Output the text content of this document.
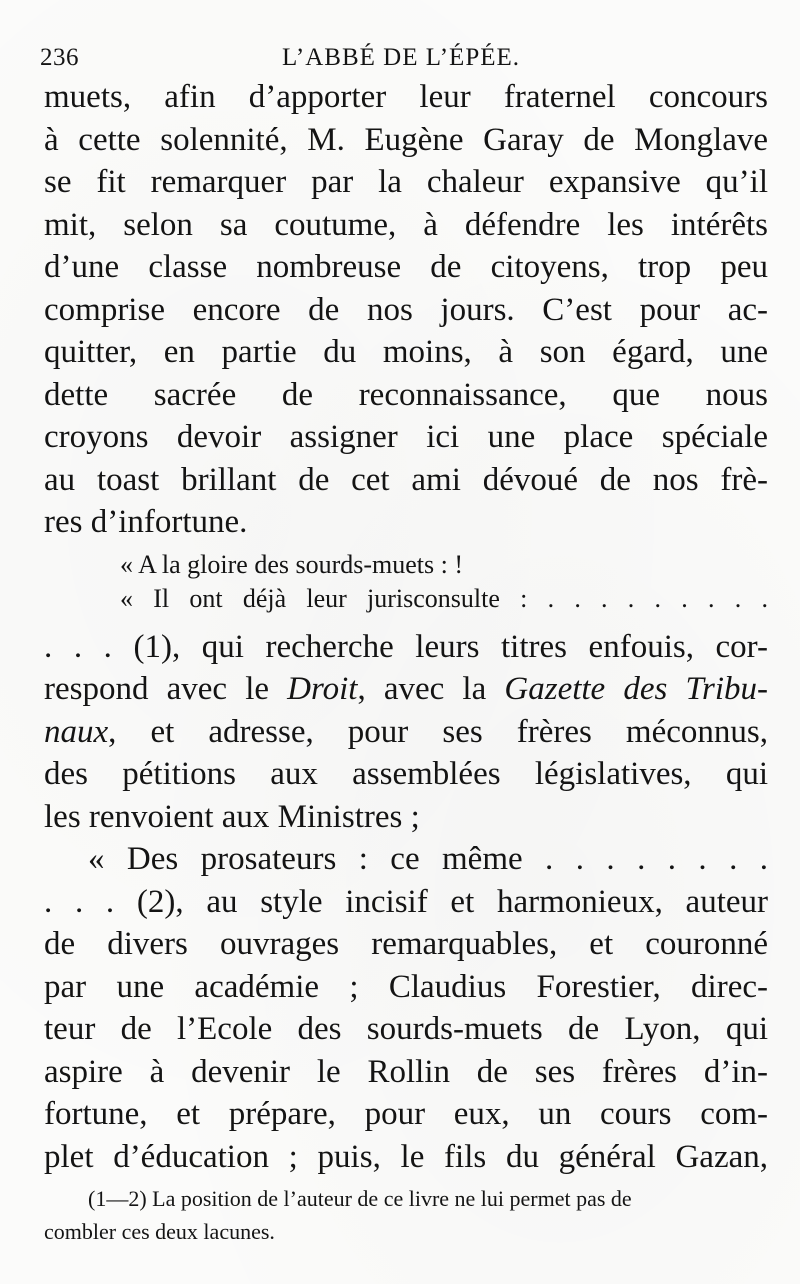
236	L’ABBÉ DE L’ÉPÉE.
muets, afin d’apporter leur fraternel concours
à cette solennité, M. Eugène Garay de Monglave
se fit remarquer par la chaleur expansive qu’il
mit, selon sa coutume, à défendre les intérêts
d’une classe nombreuse de citoyens, trop peu
comprise encore de nos jours. C’est pour ac-
quitter, en partie du moins, à son égard, une
dette sacrée de reconnaissance, que nous
croyons devoir assigner ici une place spéciale
au toast brillant de cet ami dévoué de nos frè-
res d’infortune.
« A la gloire des sourds-muets : !
« Il ont déjà leur jurisconsulte : . . . . . . . . .
. . . (1), qui recherche leurs titres enfouis, cor-
respond avec le Droit, avec la Gazette des Tribu-
naux, et adresse, pour ses frères méconnus,
des pétitions aux assemblées législatives, qui
les renvoient aux Ministres ;
« Des prosateurs : ce même . . . . . . . .
. . . (2), au style incisif et harmonieux, auteur
de divers ouvrages remarquables, et couronné
par une académie ; Claudius Forestier, direc-
teur de l’Ecole des sourds-muets de Lyon, qui
aspire à devenir le Rollin de ses frères d’in-
fortune, et prépare, pour eux, un cours com-
plet d’éducation ; puis, le fils du général Gazan,
(1—2) La position de l’auteur de ce livre ne lui permet pas de
combler ces deux lacunes.
